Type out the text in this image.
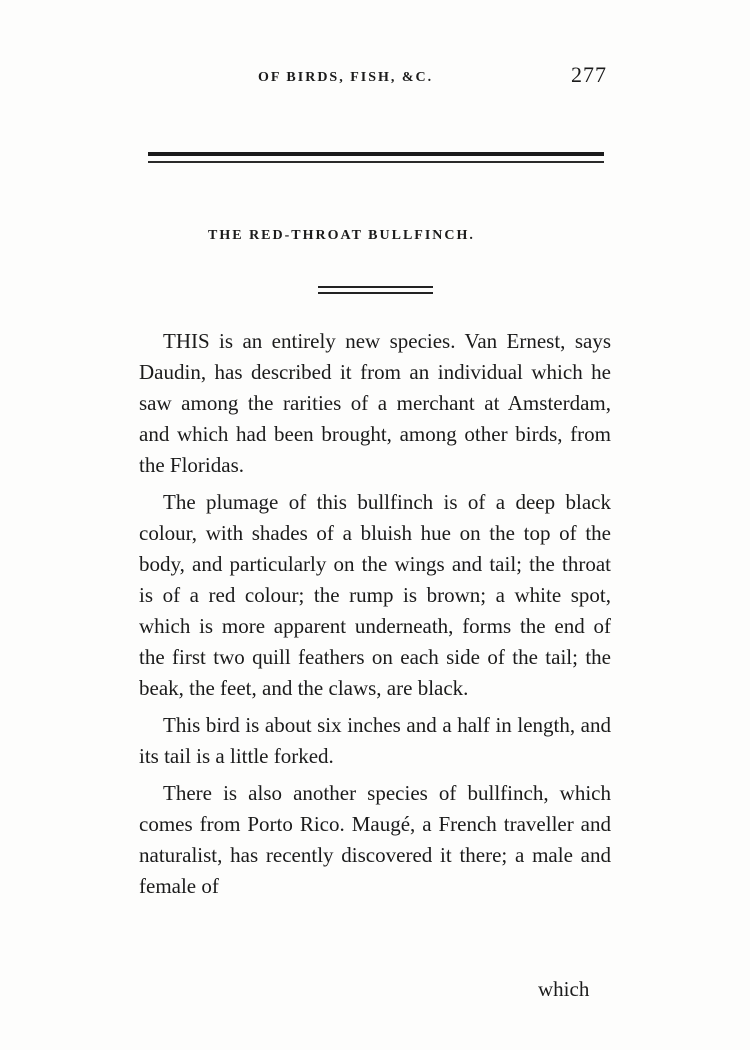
OF BIRDS, FISH, &C.	277
THE RED-THROAT BULLFINCH.

THIS is an entirely new species. Van Ernest, says Daudin, has described it from an individual which he saw among the rarities of a merchant at Amsterdam, and which had been brought, among other birds, from the Floridas.

The plumage of this bullfinch is of a deep black colour, with shades of a bluish hue on the top of the body, and particularly on the wings and tail; the throat is of a red colour; the rump is brown; a white spot, which is more apparent underneath, forms the end of the first two quill feathers on each side of the tail; the beak, the feet, and the claws, are black.

This bird is about six inches and a half in length, and its tail is a little forked.

There is also another species of bullfinch, which comes from Porto Rico. Maugé, a French traveller and naturalist, has recently discovered it there; a male and female of

which
